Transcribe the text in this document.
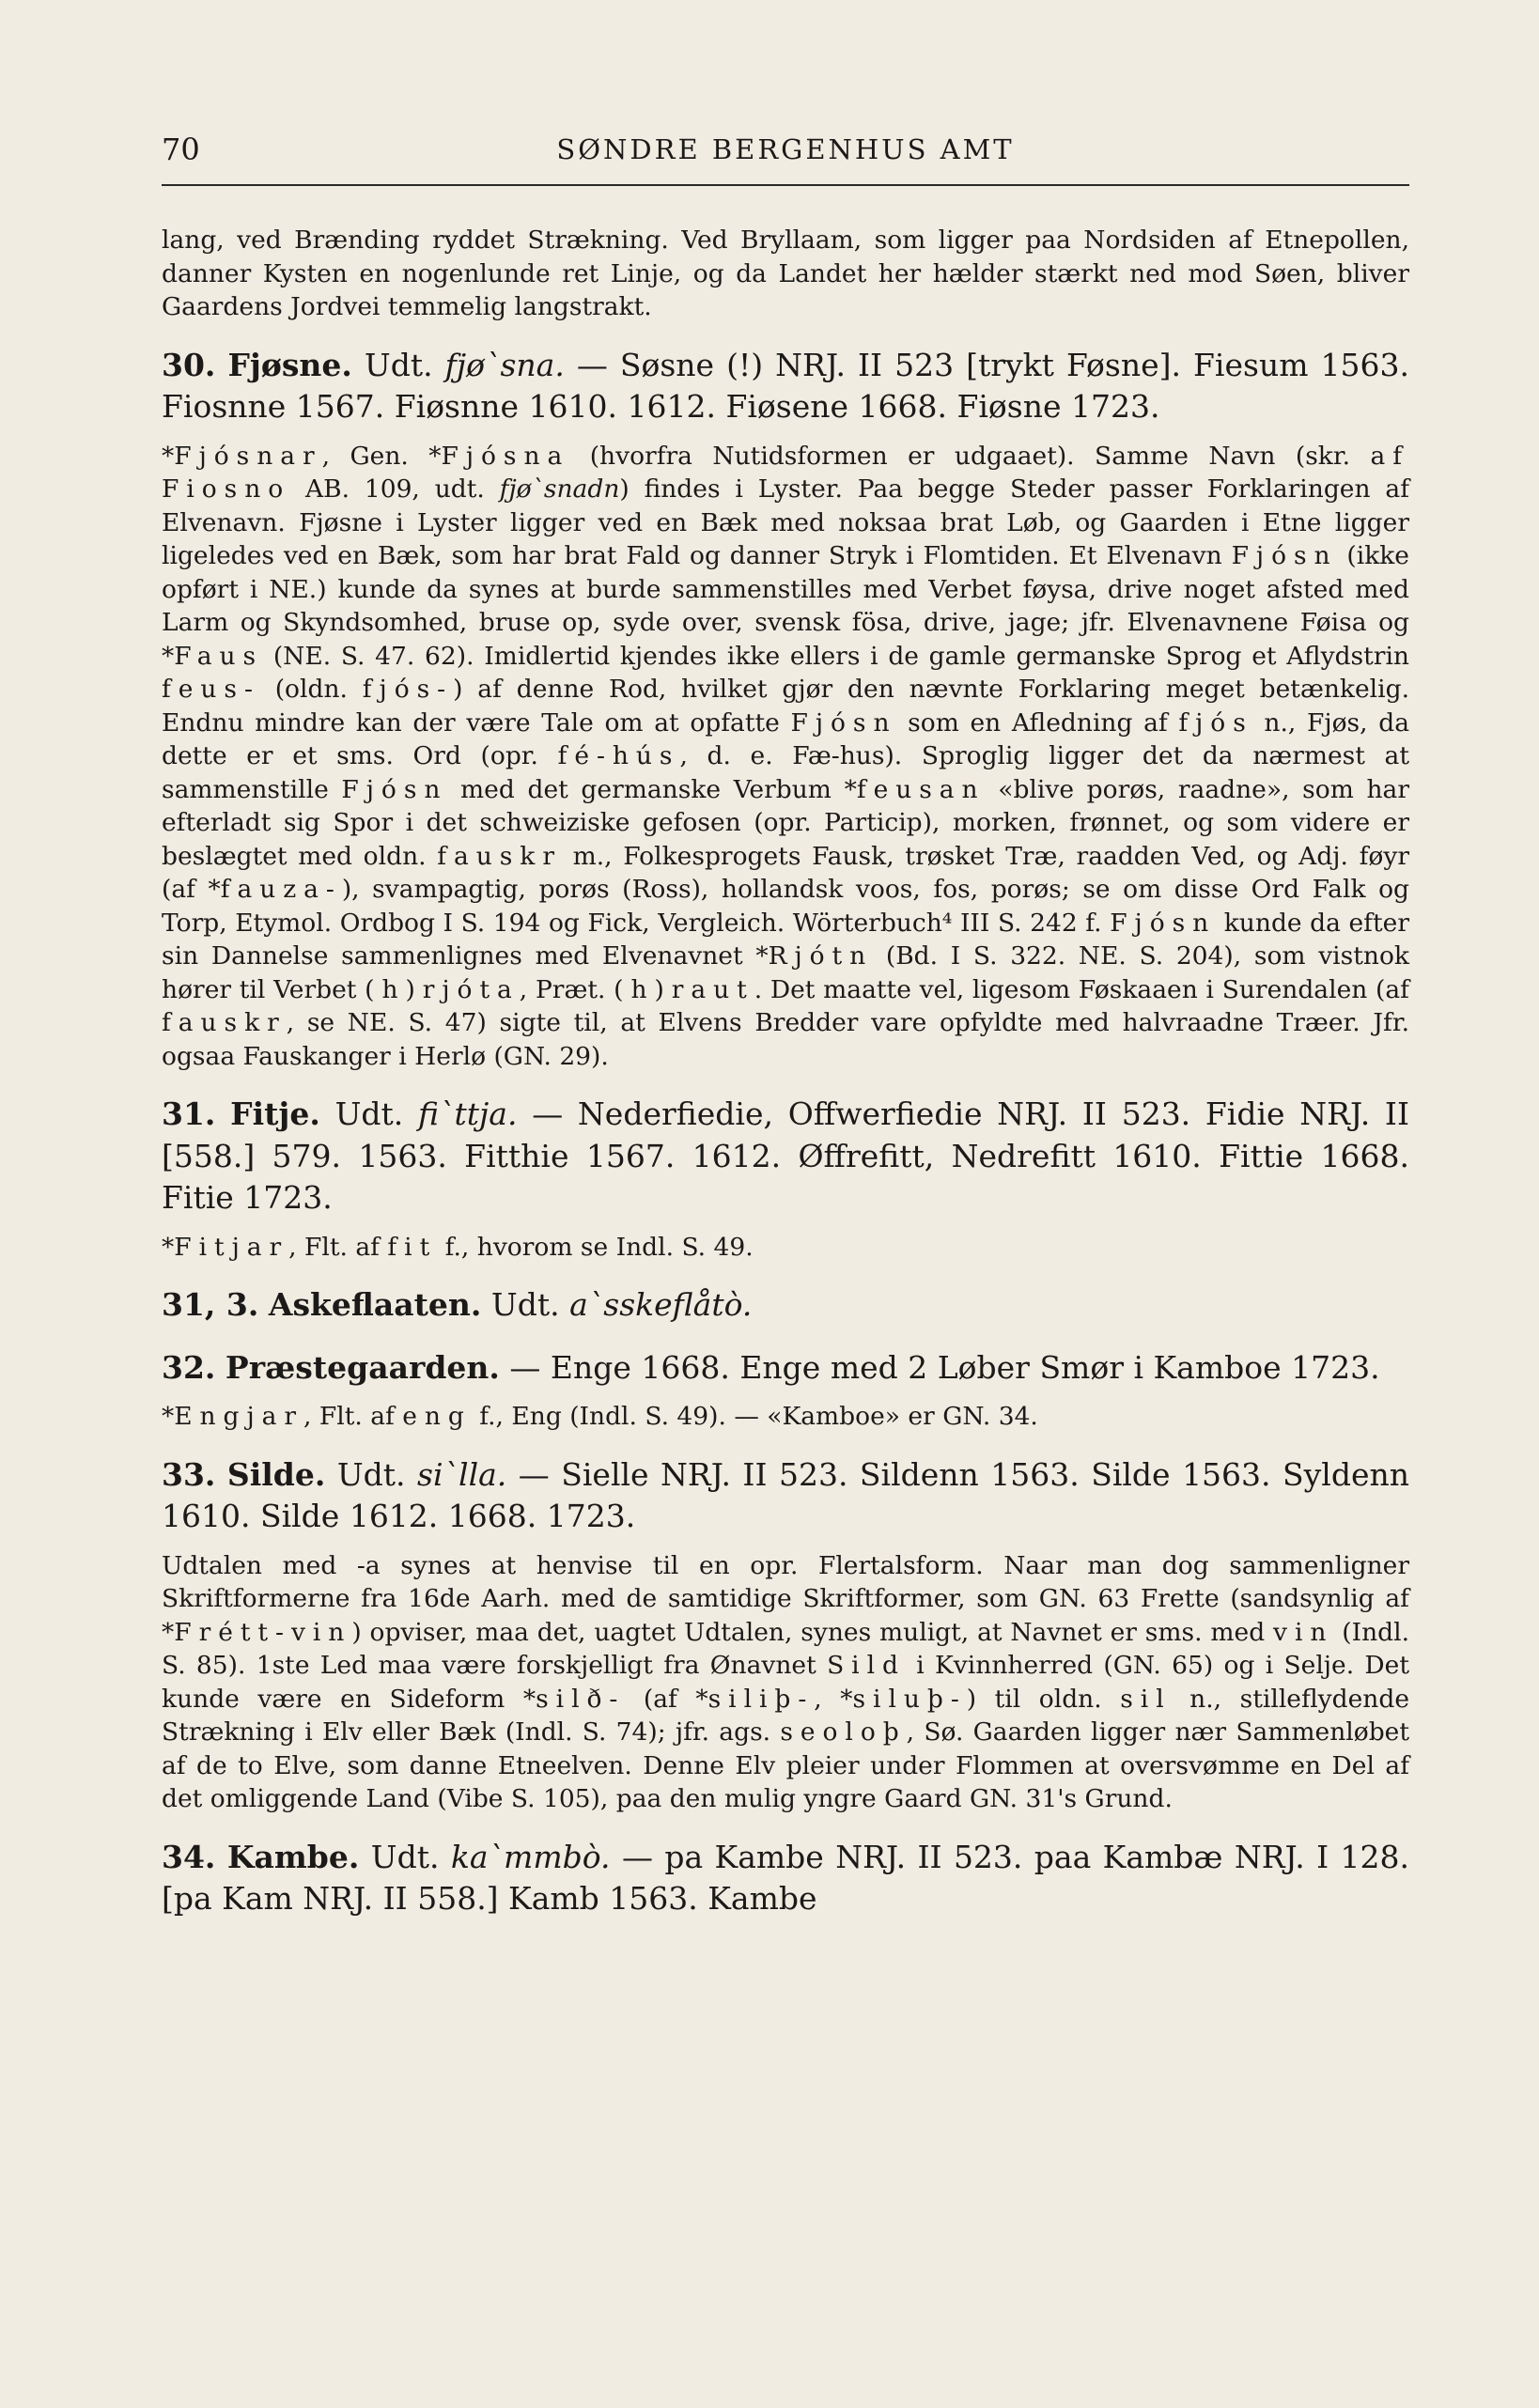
70	SØNDRE BERGENHUS AMT

lang, ved Brænding ryddet Strækning. Ved Bryllaam, som ligger paa Nordsiden af Etnepollen, danner Kysten en nogenlunde ret Linje, og da Landet her hælder stærkt ned mod Søen, bliver Gaardens Jordvei temmelig langstrakt.

30. Fjøsne. Udt. fjø`sna. — Søsne (!) NRJ. II 523 [trykt Føsne]. Fiesum 1563. Fiosnne 1567. Fiøsnne 1610. 1612. Fiøsene 1668. Fiøsne 1723.

*Fjósnar, Gen. *Fjósna (hvorfra Nutidsformen er udgaaet). Samme Navn (skr. af Fiosno AB. 109, udt. fjø`snadn) findes i Lyster. Paa begge Steder passer Forklaringen af Elvenavn. Fjøsne i Lyster ligger ved en Bæk med noksaa brat Løb, og Gaarden i Etne ligger ligeledes ved en Bæk, som har brat Fald og danner Stryk i Flomtiden. Et Elvenavn Fjósn (ikke opført i NE.) kunde da synes at burde sammenstilles med Verbet føysa, drive noget afsted med Larm og Skyndsomhed, bruse op, syde over, svensk fösa, drive, jage; jfr. Elvenavnene Føisa og *Faus (NE. S. 47. 62). Imidlertid kjendes ikke ellers i de gamle germanske Sprog et Aflydstrin feus- (oldn. fjós-) af denne Rod, hvilket gjør den nævnte Forklaring meget betænkelig. Endnu mindre kan der være Tale om at opfatte Fjósn som en Afledning af fjós n., Fjøs, da dette er et sms. Ord (opr. fé-hús, d. e. Fæ-hus). Sproglig ligger det da nærmest at sammenstille Fjósn med det germanske Verbum *feusan «blive porøs, raadne», som har efterladt sig Spor i det schweiziske gefosen (opr. Particip), morken, frønnet, og som videre er beslægtet med oldn. fauskr m., Folkesprogets Fausk, trøsket Træ, raadden Ved, og Adj. føyr (af *fauza-), svampagtig, porøs (Ross), hollandsk voos, fos, porøs; se om disse Ord Falk og Torp, Etymol. Ordbog I S. 194 og Fick, Vergleich. Wörterbuch⁴ III S. 242 f. Fjósn kunde da efter sin Dannelse sammenlignes med Elvenavnet *Rjótn (Bd. I S. 322. NE. S. 204), som vistnok hører til Verbet (h)rjóta, Præt. (h)raut. Det maatte vel, ligesom Føskaaen i Surendalen (af fauskr, se NE. S. 47) sigte til, at Elvens Bredder vare opfyldte med halvraadne Træer. Jfr. ogsaa Fauskanger i Herlø (GN. 29).

31. Fitje. Udt. fi`ttja. — Nederfiedie, Offwerfiedie NRJ. II 523. Fidie NRJ. II [558.] 579. 1563. Fitthie 1567. 1612. Øffrefitt, Nedrefitt 1610. Fittie 1668. Fitie 1723.

*Fitjar, Flt. af fit f., hvorom se Indl. S. 49.

31, 3. Askeflaaten. Udt. a`sskeflåtò.

32. Præstegaarden. — Enge 1668. Enge med 2 Løber Smør i Kamboe 1723.

*Engjar, Flt. af eng f., Eng (Indl. S. 49). — «Kamboe» er GN. 34.

33. Silde. Udt. si`lla. — Sielle NRJ. II 523. Sildenn 1563. Silde 1563. Syldenn 1610. Silde 1612. 1668. 1723.

Udtalen med -a synes at henvise til en opr. Flertalsform. Naar man dog sammenligner Skriftformerne fra 16de Aarh. med de samtidige Skriftformer, som GN. 63 Frette (sandsynlig af *Frétt-vin) opviser, maa det, uagtet Udtalen, synes muligt, at Navnet er sms. med vin (Indl. S. 85). 1ste Led maa være forskjelligt fra Ønavnet Sild i Kvinnherred (GN. 65) og i Selje. Det kunde være en Sideform *silð- (af *siliþ-, *siluþ-) til oldn. sil n., stilleflydende Strækning i Elv eller Bæk (Indl. S. 74); jfr. ags. seoloþ, Sø. Gaarden ligger nær Sammenløbet af de to Elve, som danne Etneelven. Denne Elv pleier under Flommen at oversvømme en Del af det omliggende Land (Vibe S. 105), paa den mulig yngre Gaard GN. 31's Grund.

34. Kambe. Udt. ka`mmbò. — pa Kambe NRJ. II 523. paa Kambæ NRJ. I 128. [pa Kam NRJ. II 558.] Kamb 1563. Kambe
